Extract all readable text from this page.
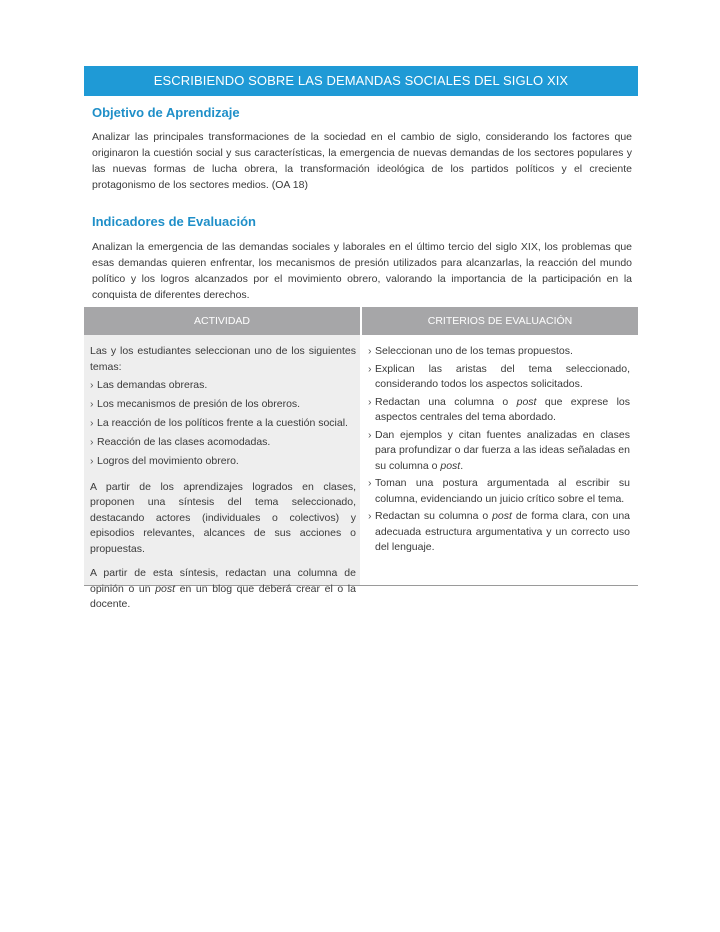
ESCRIBIENDO SOBRE LAS DEMANDAS SOCIALES DEL SIGLO XIX
Objetivo de Aprendizaje
Analizar las principales transformaciones de la sociedad en el cambio de siglo, considerando los factores que originaron la cuestión social y sus características, la emergencia de nuevas demandas de los sectores populares y las nuevas formas de lucha obrera, la transformación ideológica de los partidos políticos y el creciente protagonismo de los sectores medios. (OA 18)
Indicadores de Evaluación
Analizan la emergencia de las demandas sociales y laborales en el último tercio del siglo XIX, los problemas que esas demandas quieren enfrentar, los mecanismos de presión utilizados para alcanzarlas, la reacción del mundo político y los logros alcanzados por el movimiento obrero, valorando la importancia de la participación en la conquista de diferentes derechos.
ACTIVIDAD	CRITERIOS DE EVALUACIÓN
Las y los estudiantes seleccionan uno de los siguientes temas:
› Las demandas obreras.
› Los mecanismos de presión de los obreros.
› La reacción de los políticos frente a la cuestión social.
› Reacción de las clases acomodadas.
› Logros del movimiento obrero.
A partir de los aprendizajes logrados en clases, proponen una síntesis del tema seleccionado, destacando actores (individuales o colectivos) y episodios relevantes, alcances de sus acciones o propuestas.
A partir de esta síntesis, redactan una columna de opinión o un post en un blog que deberá crear el o la docente.
› Seleccionan uno de los temas propuestos.
› Explican las aristas del tema seleccionado, considerando todos los aspectos solicitados.
› Redactan una columna o post que exprese los aspectos centrales del tema abordado.
› Dan ejemplos y citan fuentes analizadas en clases para profundizar o dar fuerza a las ideas señaladas en su columna o post.
› Toman una postura argumentada al escribir su columna, evidenciando un juicio crítico sobre el tema.
› Redactan su columna o post de forma clara, con una adecuada estructura argumentativa y un correcto uso del lenguaje.
